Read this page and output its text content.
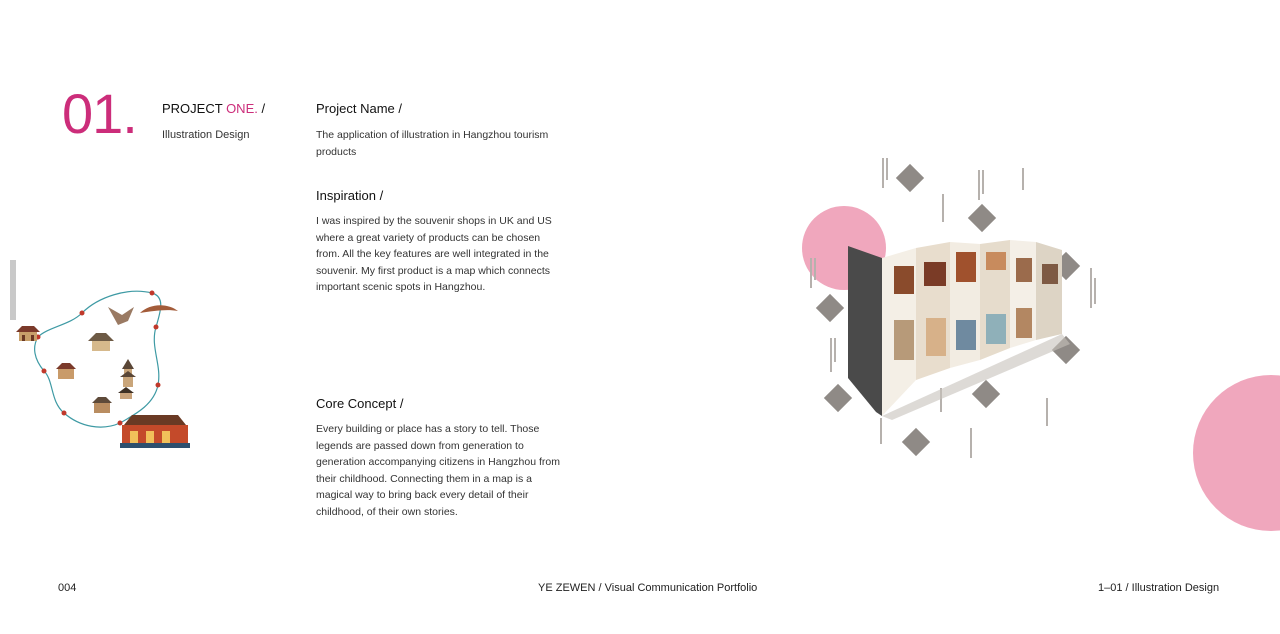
01. PROJECT ONE. /
Illustration Design
Project Name /
The application of illustration in Hangzhou tourism products
Inspiration /
I was inspired by the souvenir shops in UK and US where a great variety of products can be chosen from. All the key features are well integrated in the souvenir. My first product is a map which connects important scenic spots in Hangzhou.
Core Concept /
Every building or place has a story to tell. Those legends are passed down from generation to generation accompanying citizens in Hangzhou from their childhood. Connecting them in a map is a magical way to bring back every detail of their childhood, of their own stories.
004	YE ZEWEN / Visual Communication Portfolio	1–01 / Illustration Design
